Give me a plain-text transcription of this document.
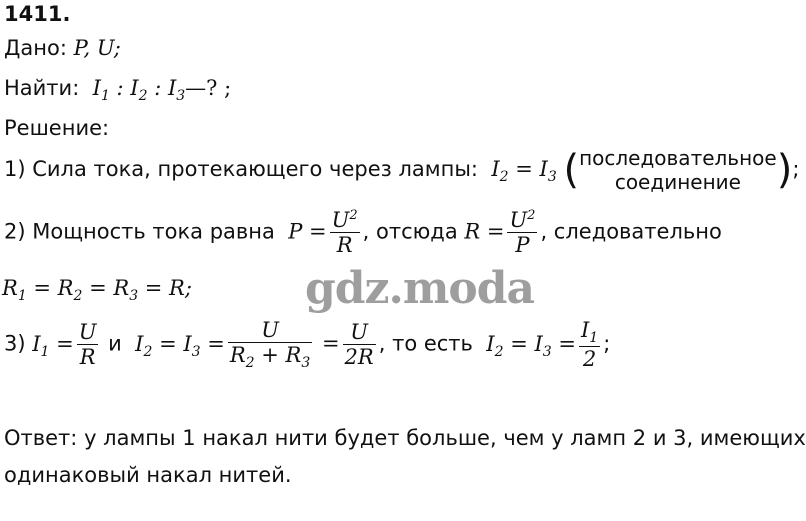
1411.
Дано: P, U;
Найти:  $I_1$ : $I_2$ : $I_3—$? ;
Решение:
1) Сила тока, протекающего через лампы:  $I_2 = I_3$ (последовательное
соединение );
2) Мощность тока равна  $P = \frac{U^2}{R}$ , отсюда $R = \frac{U^2}{P}$ , следовательно
$R_1 = R_2 = R_3 = R$;
3) $I_1 = \frac{U}{R}$ и  $I_2 = I_3 = \frac{U}{R_2 + R_3} = \frac{U}{2R}$ , то есть  $I_2 = I_3 = \frac{I_1}{2}$ ;
Ответ: у лампы 1 накал нити будет больше, чем у ламп 2 и 3, имеющих
одинаковый накал нитей.
gdz.moda
